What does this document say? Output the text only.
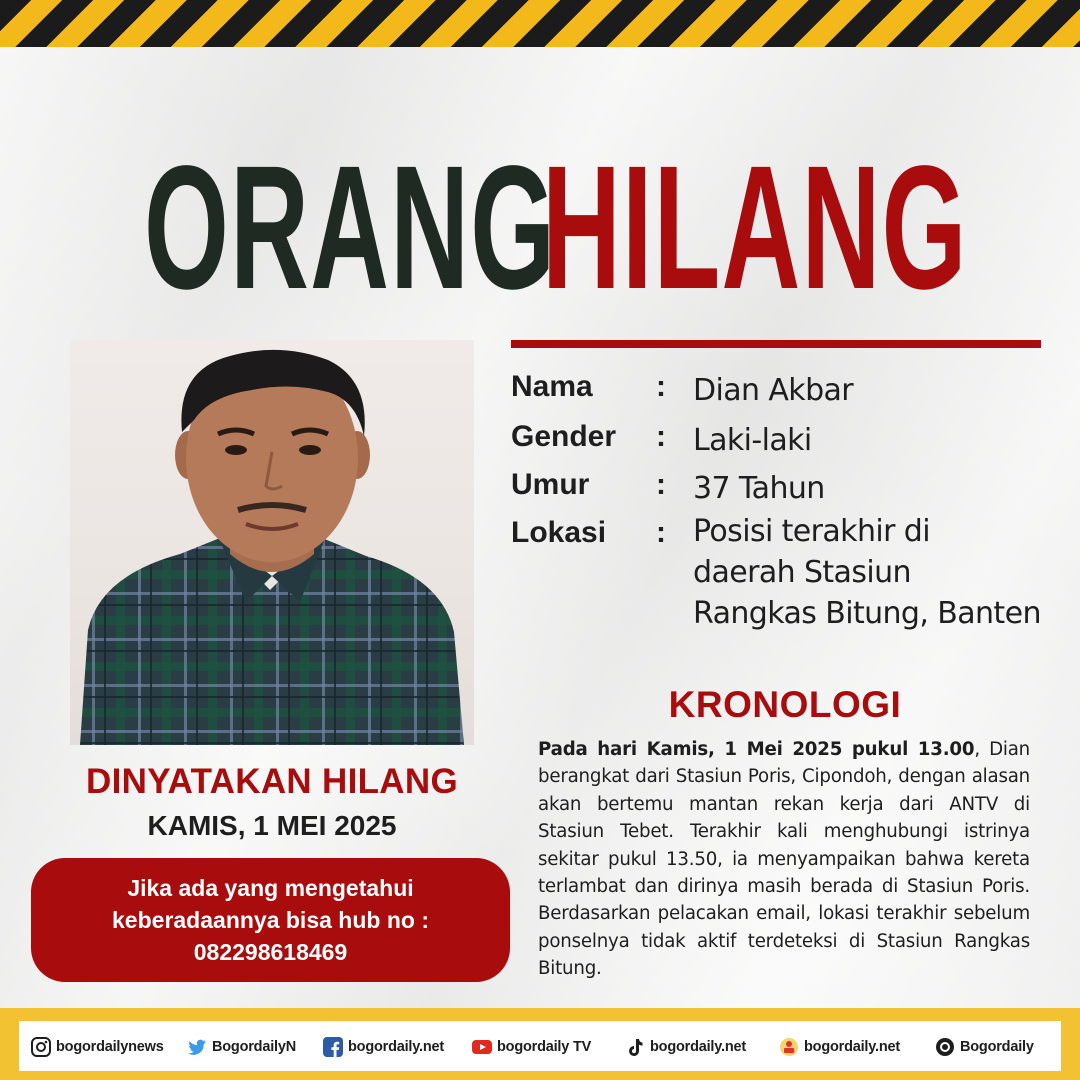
ORANG
HILANG
Nama : Dian Akbar
Gender : Laki-laki
Umur : 37 Tahun
Lokasi : Posisi terakhir di
daerah Stasiun
Rangkas Bitung, Banten
KRONOLOGI
Pada hari Kamis, 1 Mei 2025 pukul 13.00, Dian berangkat dari Stasiun Poris, Cipondoh, dengan alasan akan bertemu mantan rekan kerja dari ANTV di Stasiun Tebet. Terakhir kali menghubungi istrinya sekitar pukul 13.50, ia menyampaikan bahwa kereta terlambat dan dirinya masih berada di Stasiun Poris. Berdasarkan pelacakan email, lokasi terakhir sebelum ponselnya tidak aktif terdeteksi di Stasiun Rangkas Bitung.
DINYATAKAN HILANG
KAMIS, 1 MEI 2025
Jika ada yang mengetahui
keberadaannya bisa hub no :
082298618469
bogordailynews	BogordailyN	bogordaily.net	bogordaily TV	bogordaily.net	bogordaily.net	Bogordaily
